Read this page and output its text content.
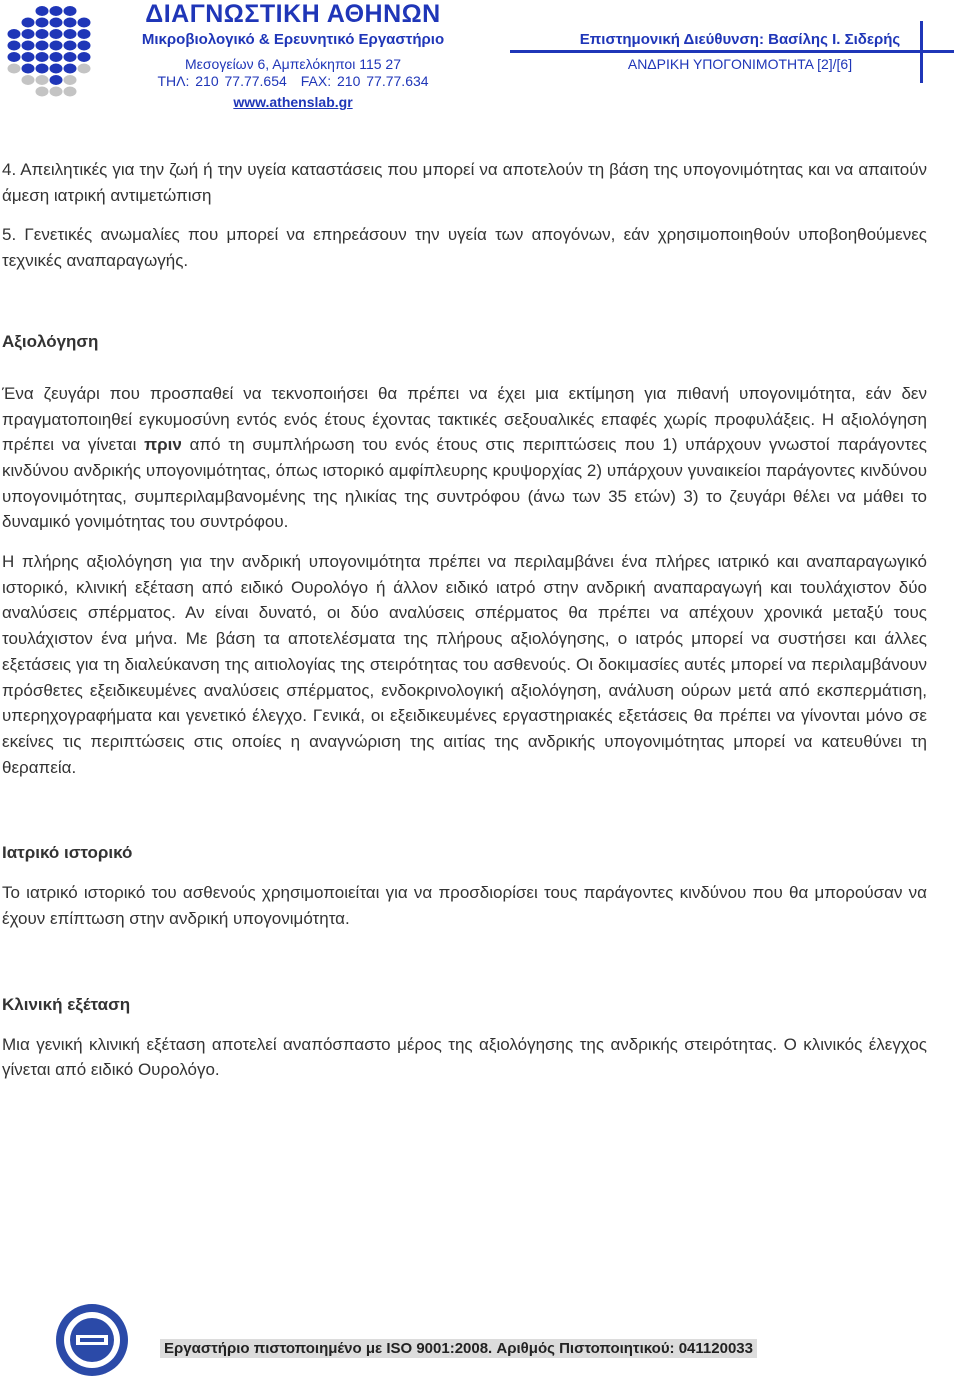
ΔΙΑΓΝΩΣΤΙΚΗ ΑΘΗΝΩΝ
Μικροβιολογικό & Ερευνητικό Εργαστήριο
Μεσογείων 6, Αμπελόκηποι 115 27
ΤΗΛ: 210 77.77.654 FAX: 210 77.77.634
www.athenslab.gr
Επιστημονική Διεύθυνση: Βασίλης Ι. Σιδερής
ΑΝΔΡΙΚΗ ΥΠΟΓΟΝΙΜΟΤΗΤΑ [2]/[6]

4. Απειλητικές για την ζωή ή την υγεία καταστάσεις που μπορεί να αποτελούν τη βάση της υπογονιμότητας και να απαιτούν άμεση ιατρική αντιμετώπιση

5. Γενετικές ανωμαλίες που μπορεί να επηρεάσουν την υγεία των απογόνων, εάν χρησιμοποιηθούν υποβοηθούμενες τεχνικές αναπαραγωγής.

Αξιολόγηση

Ένα ζευγάρι που προσπαθεί να τεκνοποιήσει θα πρέπει να έχει μια εκτίμηση για πιθανή υπογονιμότητα, εάν δεν πραγματοποιηθεί εγκυμοσύνη εντός ενός έτους έχοντας τακτικές σεξουαλικές επαφές χωρίς προφυλάξεις. Η αξιολόγηση πρέπει να γίνεται πριν από τη συμπλήρωση του ενός έτους στις περιπτώσεις που 1) υπάρχουν γνωστοί παράγοντες κινδύνου ανδρικής υπογονιμότητας, όπως ιστορικό αμφίπλευρης κρυψορχίας 2) υπάρχουν γυναικείοι παράγοντες κινδύνου υπογονιμότητας, συμπεριλαμβανομένης της ηλικίας της συντρόφου (άνω των 35 ετών) 3) το ζευγάρι θέλει να μάθει το δυναμικό γονιμότητας του συντρόφου.

Η πλήρης αξιολόγηση για την ανδρική υπογονιμότητα πρέπει να περιλαμβάνει ένα πλήρες ιατρικό και αναπαραγωγικό ιστορικό, κλινική εξέταση από ειδικό Ουρολόγο ή άλλον ειδικό ιατρό στην ανδρική αναπαραγωγή και τουλάχιστον δύο αναλύσεις σπέρματος. Αν είναι δυνατό, οι δύο αναλύσεις σπέρματος θα πρέπει να απέχουν χρονικά μεταξύ τους τουλάχιστον ένα μήνα. Με βάση τα αποτελέσματα της πλήρους αξιολόγησης, ο ιατρός μπορεί να συστήσει και άλλες εξετάσεις για τη διαλεύκανση της αιτιολογίας της στειρότητας του ασθενούς. Οι δοκιμασίες αυτές μπορεί να περιλαμβάνουν πρόσθετες εξειδικευμένες αναλύσεις σπέρματος, ενδοκρινολογική αξιολόγηση, ανάλυση ούρων μετά από εκσπερμάτιση, υπερηχογραφήματα και γενετικό έλεγχο. Γενικά, οι εξειδικευμένες εργαστηριακές εξετάσεις θα πρέπει να γίνονται μόνο σε εκείνες τις περιπτώσεις στις οποίες η αναγνώριση της αιτίας της ανδρικής υπογονιμότητας μπορεί να κατευθύνει τη θεραπεία.

Ιατρικό ιστορικό

Το ιατρικό ιστορικό του ασθενούς χρησιμοποιείται για να προσδιορίσει τους παράγοντες κινδύνου που θα μπορούσαν να έχουν επίπτωση στην ανδρική υπογονιμότητα.

Κλινική εξέταση

Μια γενική κλινική εξέταση αποτελεί αναπόσπαστο μέρος της αξιολόγησης της ανδρικής στειρότητας. Ο κλινικός έλεγχος γίνεται από ειδικό Ουρολόγο.

Εργαστήριο πιστοποιημένο με ISO 9001:2008. Αριθμός Πιστοποιητικού: 041120033
